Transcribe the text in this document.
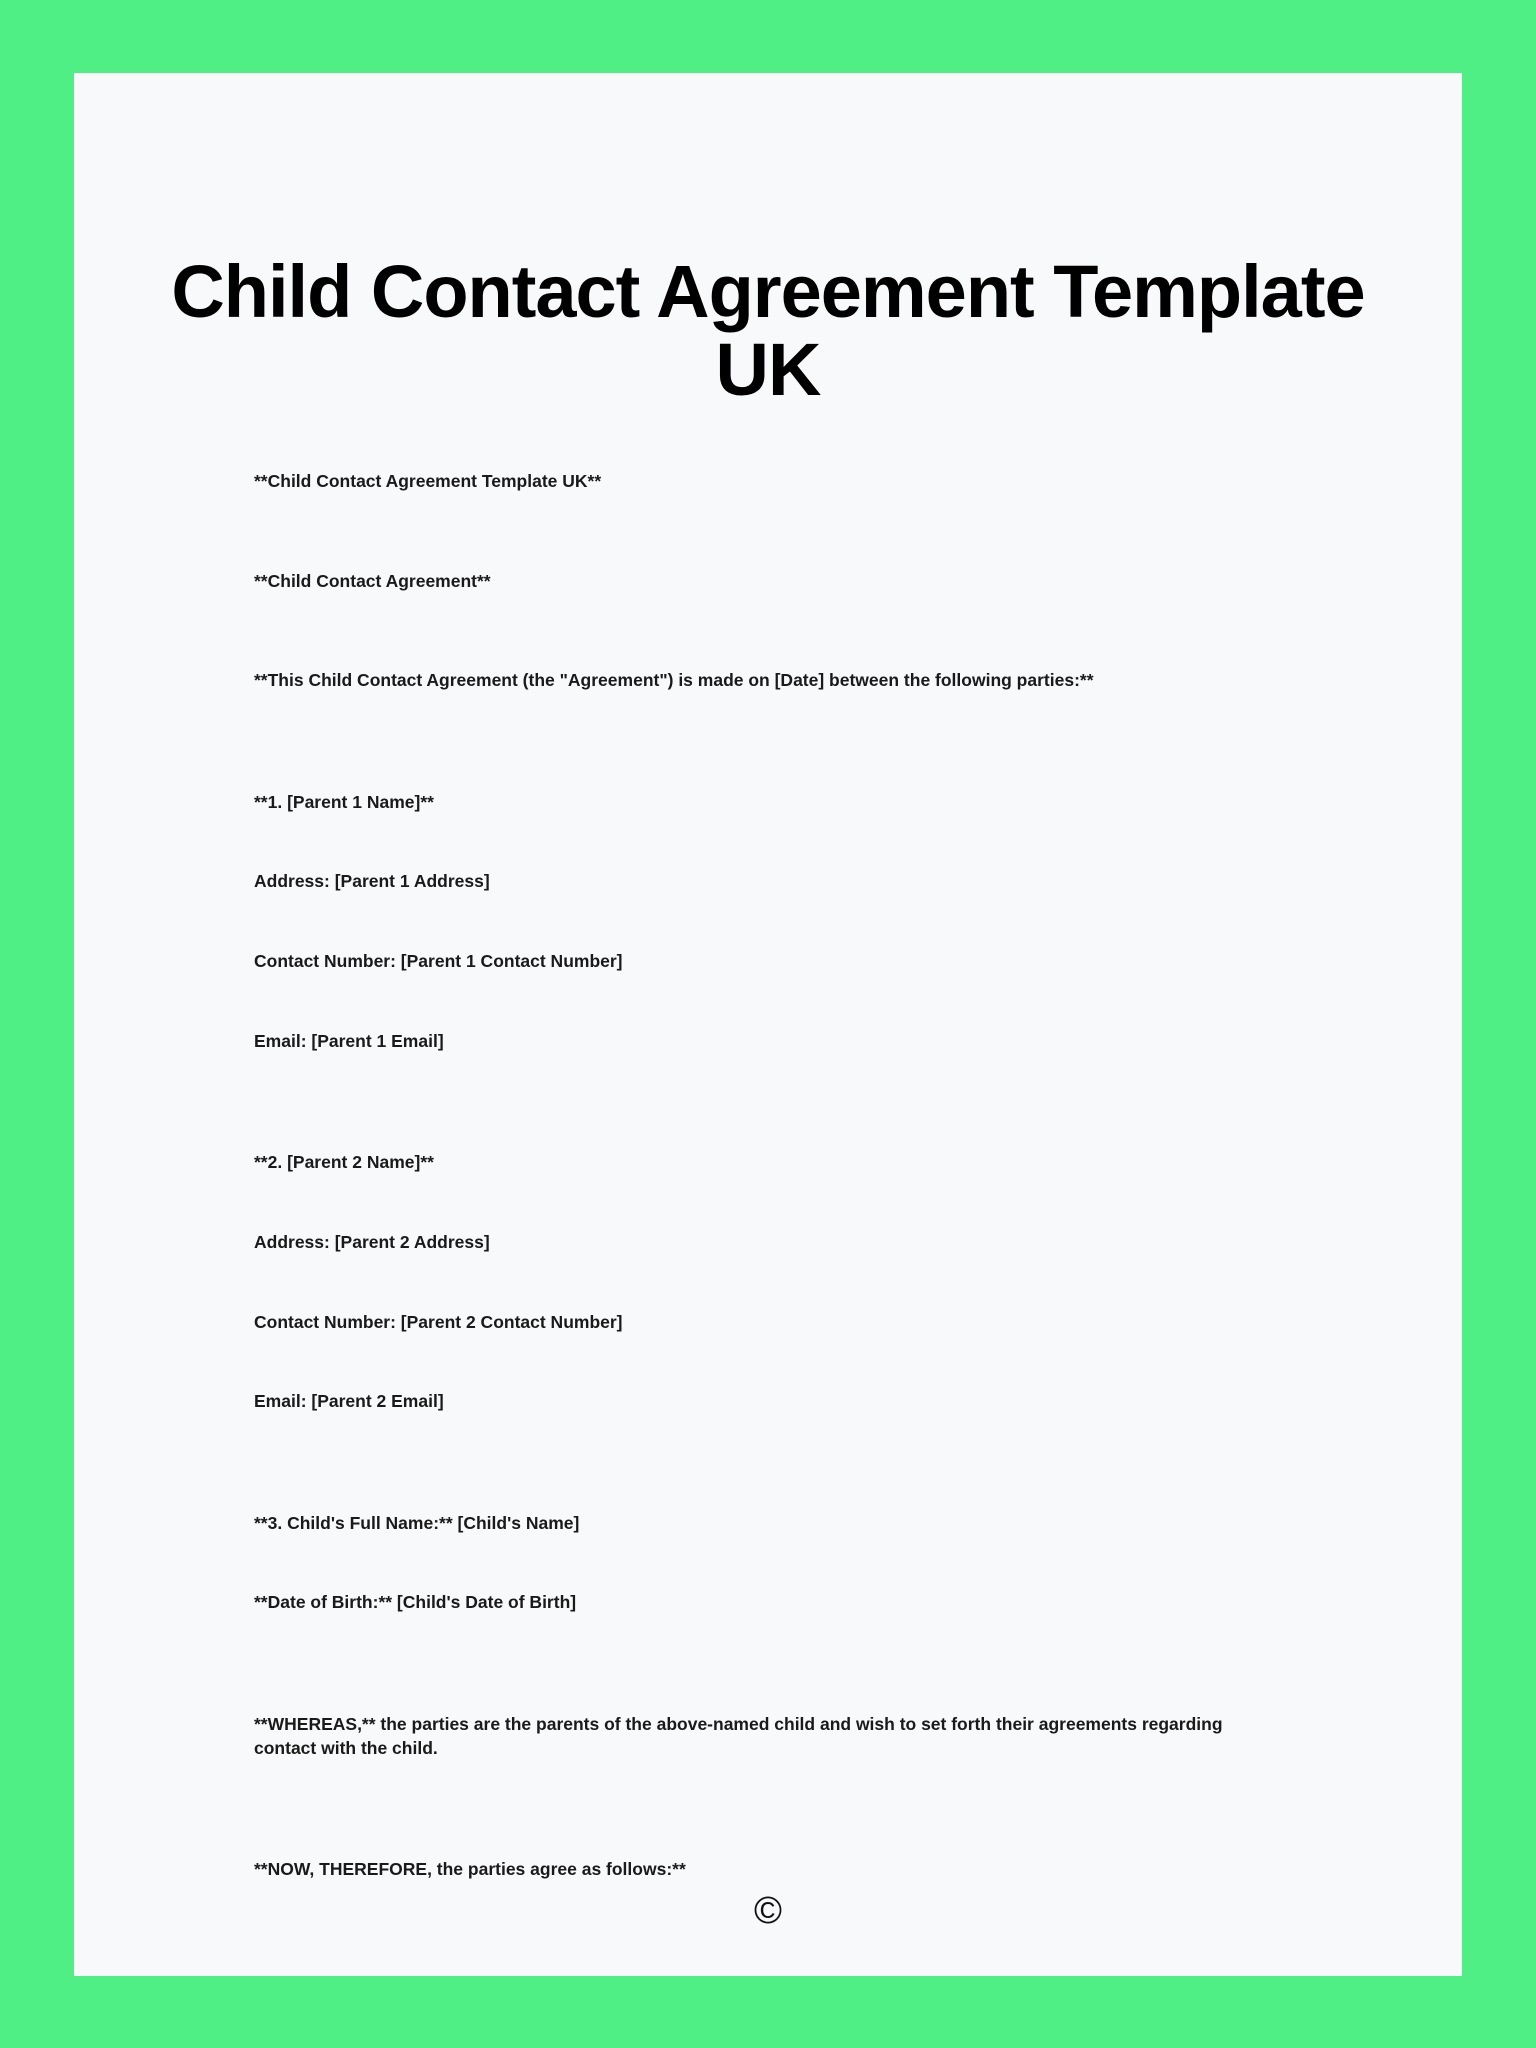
Child Contact Agreement Template UK

**Child Contact Agreement Template UK**

**Child Contact Agreement**

**This Child Contact Agreement (the "Agreement") is made on [Date] between the following parties:**

**1. [Parent 1 Name]**

Address: [Parent 1 Address]

Contact Number: [Parent 1 Contact Number]

Email: [Parent 1 Email]

**2. [Parent 2 Name]**

Address: [Parent 2 Address]

Contact Number: [Parent 2 Contact Number]

Email: [Parent 2 Email]

**3. Child's Full Name:** [Child's Name]

**Date of Birth:** [Child's Date of Birth]

**WHEREAS,** the parties are the parents of the above-named child and wish to set forth their agreements regarding contact with the child.

**NOW, THEREFORE, the parties agree as follows:**

©
